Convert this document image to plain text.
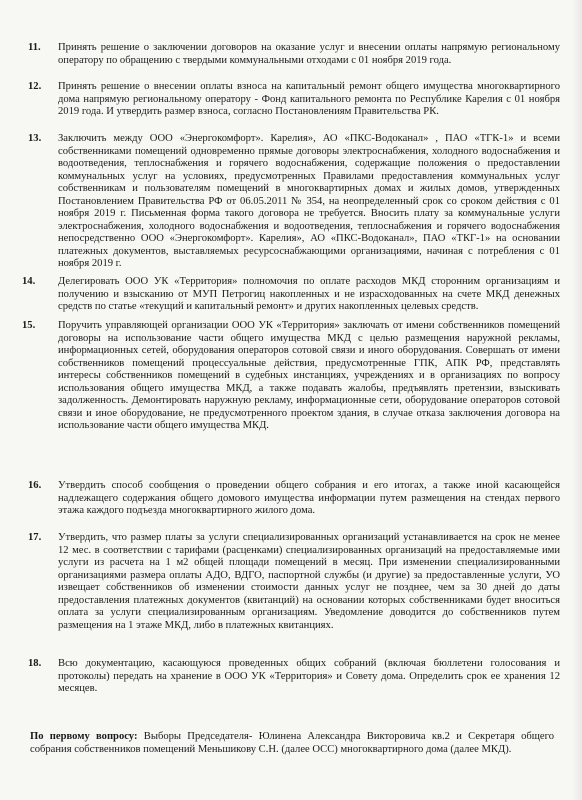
11. Принять решение о заключении договоров на оказание услуг и внесении оплаты напрямую региональному оператору по обращению с твердыми коммунальными отходами с 01 ноября 2019 года.
12. Принять решение о внесении оплаты взноса на капитальный ремонт общего имущества многоквартирного дома напрямую региональному оператору - Фонд капитального ремонта по Республике Карелия с 01 ноября 2019 года. И утвердить размер взноса, согласно Постановлениям Правительства РК.
13. Заключить между ООО «Энергокомфорт». Карелия», АО «ПКС-Водоканал» , ПАО «ТГК-1» и всеми собственниками помещений одновременно прямые договоры электроснабжения, холодного водоснабжения и водоотведения, теплоснабжения и горячего водоснабжения, содержащие положения о предоставлении коммунальных услуг на условиях, предусмотренных Правилами предоставления коммунальных услуг собственникам и пользователям помещений в многоквартирных домах и жилых домов, утвержденных Постановлением Правительства РФ от 06.05.2011 № 354, на неопределенный срок со сроком действия с 01 ноября 2019 г. Письменная форма такого договора не требуется. Вносить плату за коммунальные услуги электроснабжения, холодного водоснабжения и водоотведения, теплоснабжения и горячего водоснабжения непосредственно ООО «Энергокомфорт». Карелия», АО «ПКС-Водоканал», ПАО «ТКГ-1» на основании платежных документов, выставляемых ресурсоснабжающими организациями, начиная с потребления с 01 ноября 2019 г.
14. Делегировать ООО УК «Территория» полномочия по оплате расходов МКД сторонним организациям и получению и взысканию от МУП Петрогиц накопленных и не израсходованных на счете МКД денежных средств по статье «текущий и капитальный ремонт» и других накопленных целевых средств.
15. Поручить управляющей организации ООО УК «Территория» заключать от имени собственников помещений договоры на использование части общего имущества МКД с целью размещения наружной рекламы, информационных сетей, оборудования операторов сотовой связи и иного оборудования. Совершать от имени собственников помещений процессуальные действия, предусмотренные ГПК, АПК РФ, представлять интересы собственников помещений в судебных инстанциях, учреждениях и в организациях по вопросу использования общего имущества МКД, а также подавать жалобы, предъявлять претензии, взыскивать задолженность. Демонтировать наружную рекламу, информационные сети, оборудование операторов сотовой связи и иное оборудование, не предусмотренного проектом здания, в случае отказа заключения договора на использование части общего имущества МКД.
16. Утвердить способ сообщения о проведении общего собрания и его итогах, а также иной касающейся надлежащего содержания общего домового имущества информации путем размещения на стендах первого этажа каждого подъезда многоквартирного жилого дома.
17. Утвердить, что размер платы за услуги специализированных организаций устанавливается на срок не менее 12 мес. в соответствии с тарифами (расценками) специализированных организаций на предоставляемые ими услуги из расчета на 1 м2 общей площади помещений в месяц. При изменении специализированными организациями размера оплаты АДО, ВДГО, паспортной службы (и другие) за предоставленные услуги, УО извещает собственников об изменении стоимости данных услуг не позднее, чем за 30 дней до даты предоставления платежных документов (квитанций) на основании которых собственниками будет вноситься оплата за услуги специализированным организациям. Уведомление доводится до собственников путем размещения на 1 этаже МКД, либо в платежных квитанциях.
18. Всю документацию, касающуюся проведенных общих собраний (включая бюллетени голосования и протоколы) передать на хранение в ООО УК «Территория» и Совету дома. Определить срок ее хранения 12 месяцев.
По первому вопросу: Выборы Председателя- Юлинена Александра Викторовича кв.2 и Секретаря общего собрания собственников помещений Меньшикову С.Н. (далее ОСС) многоквартирного дома (далее МКД).
